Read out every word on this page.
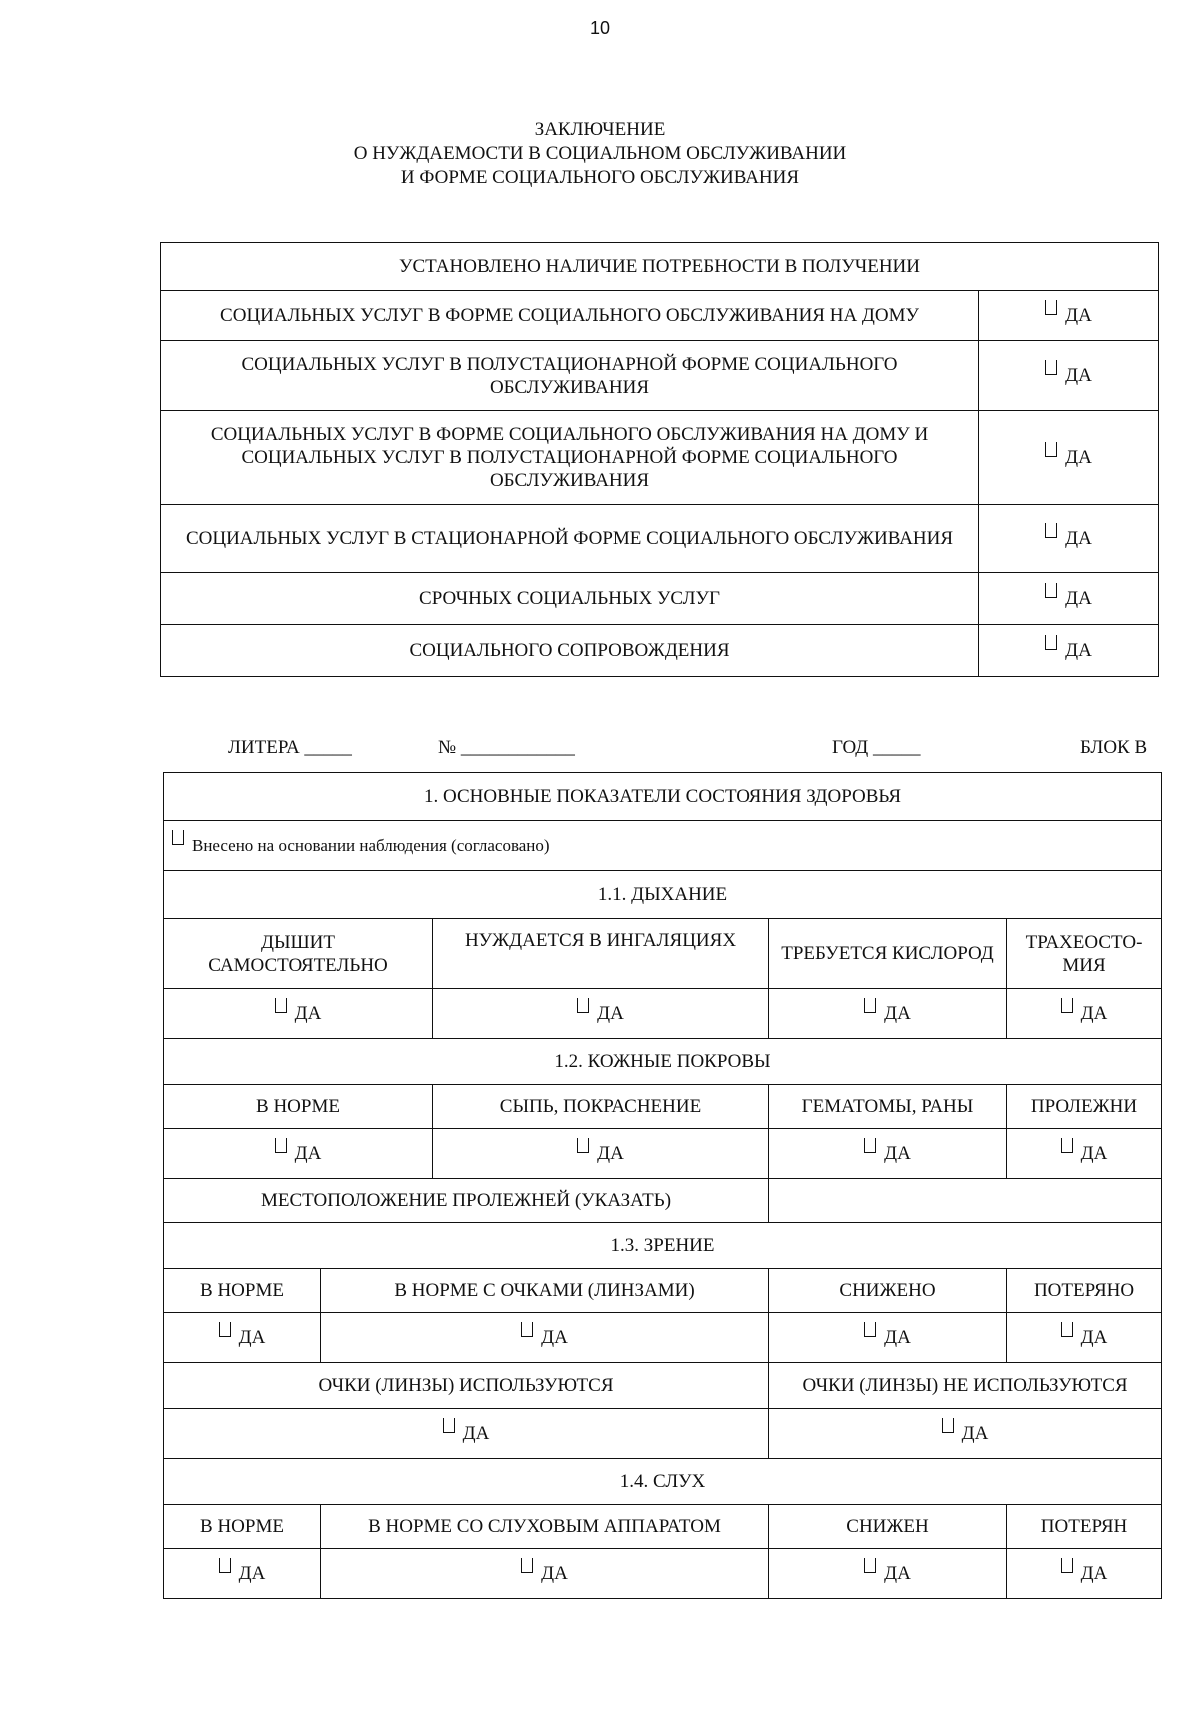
10
ЗАКЛЮЧЕНИЕ
О НУЖДАЕМОСТИ В СОЦИАЛЬНОМ ОБСЛУЖИВАНИИ
И ФОРМЕ СОЦИАЛЬНОГО ОБСЛУЖИВАНИЯ
УСТАНОВЛЕНО НАЛИЧИЕ ПОТРЕБНОСТИ В ПОЛУЧЕНИИ	
СОЦИАЛЬНЫХ УСЛУГ В ФОРМЕ СОЦИАЛЬНОГО ОБСЛУЖИВАНИЯ НА ДОМУ	ДА
СОЦИАЛЬНЫХ УСЛУГ В ПОЛУСТАЦИОНАРНОЙ ФОРМЕ СОЦИАЛЬНОГО ОБСЛУЖИВАНИЯ	ДА
СОЦИАЛЬНЫХ УСЛУГ В ФОРМЕ СОЦИАЛЬНОГО ОБСЛУЖИВАНИЯ НА ДОМУ И СОЦИАЛЬНЫХ УСЛУГ В ПОЛУСТАЦИОНАРНОЙ ФОРМЕ СОЦИАЛЬНОГО ОБСЛУЖИВАНИЯ	ДА
СОЦИАЛЬНЫХ УСЛУГ В СТАЦИОНАРНОЙ ФОРМЕ СОЦИАЛЬНОГО ОБСЛУЖИВАНИЯ	ДА
СРОЧНЫХ СОЦИАЛЬНЫХ УСЛУГ	ДА
СОЦИАЛЬНОГО СОПРОВОЖДЕНИЯ	ДА
ЛИТЕРА _____	№ ____________	ГОД _____	БЛОК В
1. ОСНОВНЫЕ ПОКАЗАТЕЛИ СОСТОЯНИЯ ЗДОРОВЬЯ				
Внесено на основании наблюдения (согласовано)				
1.1. ДЫХАНИЕ				
ДЫШИТ САМОСТОЯТЕЛЬНО		НУЖДАЕТСЯ В ИНГАЛЯЦИЯХ	ТРЕБУЕТСЯ КИСЛОРОД	ТРАХЕОСТО-МИЯ
ДА		ДА	ДА	ДА
1.2. КОЖНЫЕ ПОКРОВЫ				
В НОРМЕ		СЫПЬ, ПОКРАСНЕНИЕ	ГЕМАТОМЫ, РАНЫ	ПРОЛЕЖНИ
ДА		ДА	ДА	ДА
МЕСТОПОЛОЖЕНИЕ ПРОЛЕЖНЕЙ (УКАЗАТЬ)				
1.3. ЗРЕНИЕ				
В НОРМЕ	В НОРМЕ С ОЧКАМИ (ЛИНЗАМИ)		СНИЖЕНО	ПОТЕРЯНО
ДА	ДА		ДА	ДА
ОЧКИ (ЛИНЗЫ) ИСПОЛЬЗУЮТСЯ			ОЧКИ (ЛИНЗЫ) НЕ ИСПОЛЬЗУЮТСЯ	
ДА			ДА	
1.4. СЛУХ				
В НОРМЕ	В НОРМЕ СО СЛУХОВЫМ АППАРАТОМ		СНИЖЕН	ПОТЕРЯН
ДА	ДА		ДА	ДА
